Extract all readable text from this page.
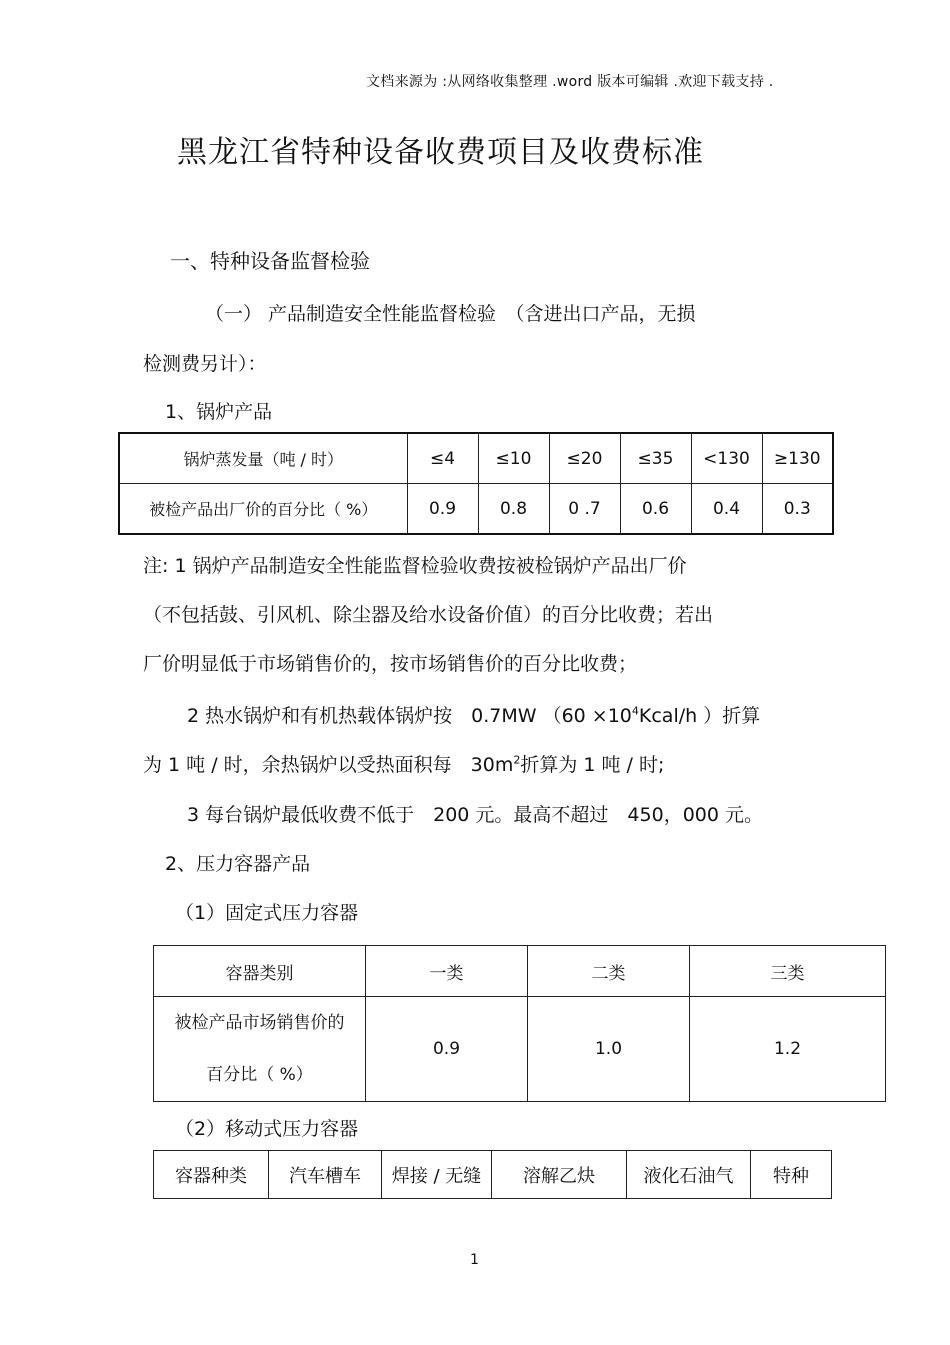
文档来源为 :从网络收集整理 .word 版本可编辑 .欢迎下载支持 .
黑龙江省特种设备收费项目及收费标准
一、特种设备监督检验
（一） 产品制造安全性能监督检验　（含进出口产品，无损
检测费另计）：
1、锅炉产品
锅炉蒸发量（吨 / 时）	≤4	≤10	≤20	≤35	<130	≥130
被检产品出厂价的百分比（ %）	0.9	0.8	0 .7	0.6	0.4	0.3
注: 1 锅炉产品制造安全性能监督检验收费按被检锅炉产品出厂价
（不包括鼓、引风机、除尘器及给水设备价值）的百分比收费；若出
厂价明显低于市场销售价的，按市场销售价的百分比收费；
2 热水锅炉和有机热载体锅炉按　0.7MW （$60 \times 10^4Kcal/h$ ）折算
为 1 吨 / 时，余热锅炉以受热面积每　$30m^2$折算为 1 吨 / 时;
3 每台锅炉最低收费不低于　200 元。最高不超过　450，000 元。
2、压力容器产品
（1）固定式压力容器
容器类别	一类	二类	三类

被检产品市场销售价的
百分比（ %）	0.9	1.0	1.2
（2）移动式压力容器
容器种类	汽车槽车	焊接 / 无缝	溶解乙炔	液化石油气	特种
1
